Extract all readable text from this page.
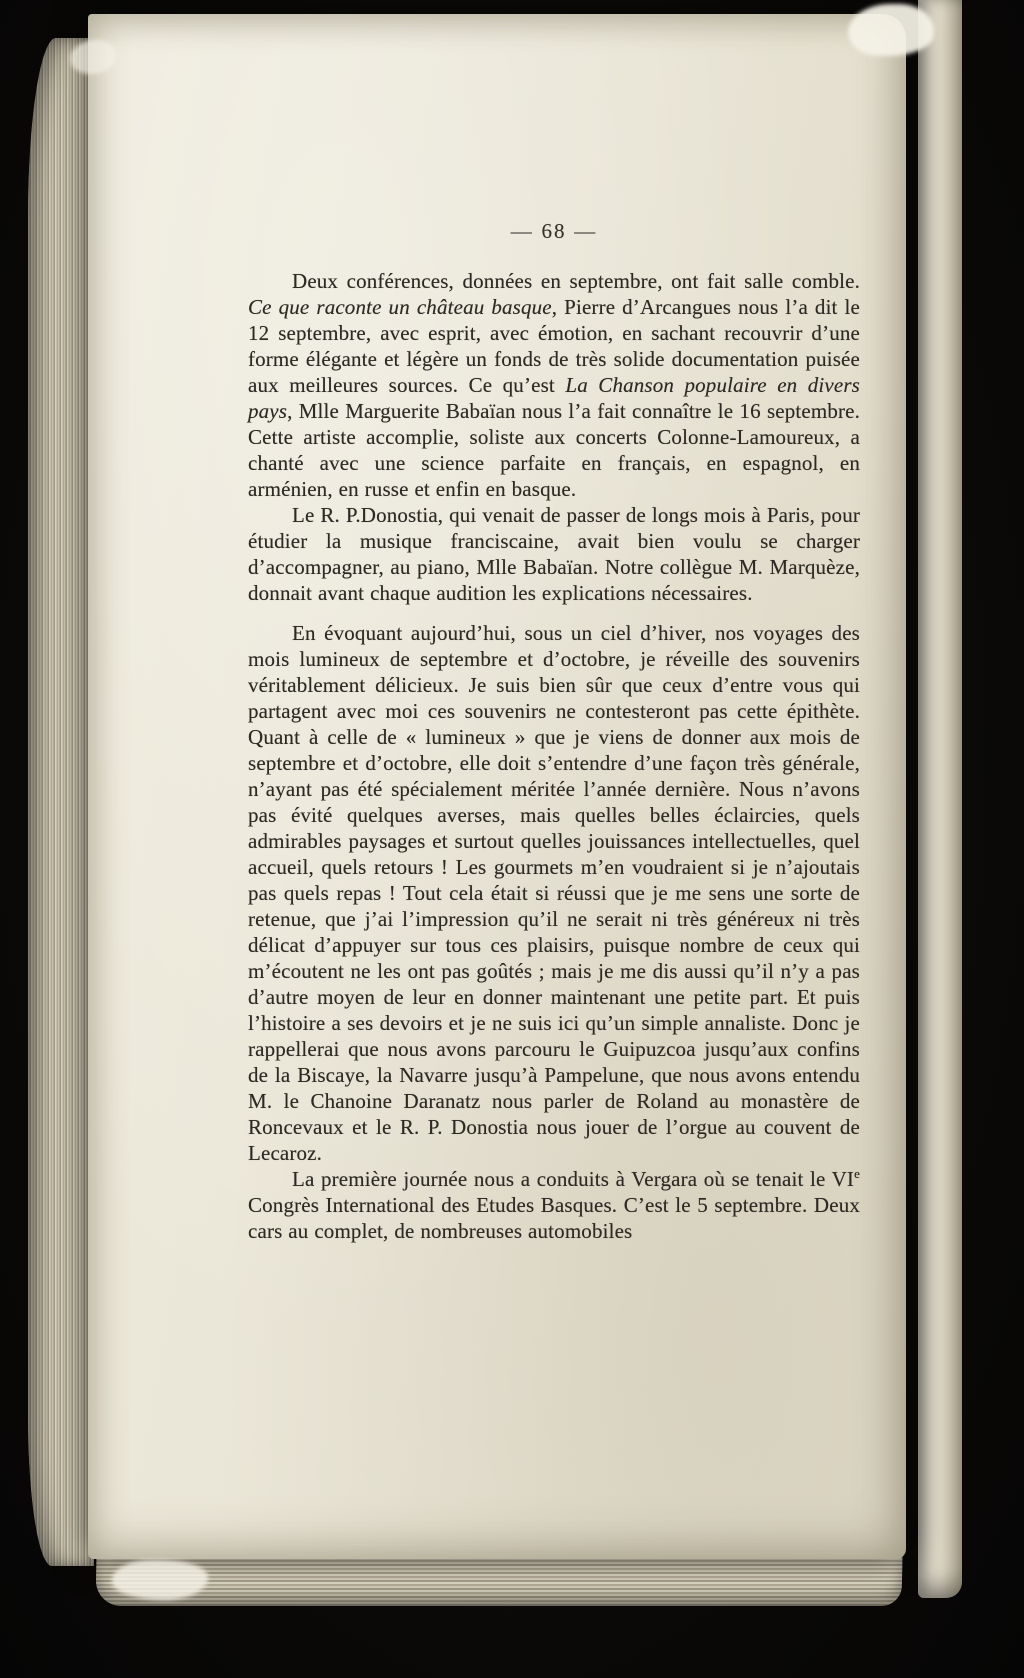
— 68 —

Deux conférences, données en septembre, ont fait salle comble. Ce que raconte un château basque, Pierre d’Arcangues nous l’a dit le 12 septembre, avec esprit, avec émotion, en sachant recouvrir d’une forme élégante et légère un fonds de très solide documentation puisée aux meilleures sources. Ce qu’est La Chanson populaire en divers pays, Mlle Marguerite Babaïan nous l’a fait connaître le 16 septembre. Cette artiste accomplie, soliste aux concerts Colonne-Lamoureux, a chanté avec une science parfaite en français, en espagnol, en arménien, en russe et enfin en basque.

Le R. P.Donostia, qui venait de passer de longs mois à Paris, pour étudier la musique franciscaine, avait bien voulu se charger d’accompagner, au piano, Mlle Babaïan. Notre collègue M. Marquèze, donnait avant chaque audition les explications nécessaires.

En évoquant aujourd’hui, sous un ciel d’hiver, nos voyages des mois lumineux de septembre et d’octobre, je réveille des souvenirs véritablement délicieux. Je suis bien sûr que ceux d’entre vous qui partagent avec moi ces souvenirs ne contesteront pas cette épithète. Quant à celle de « lumineux » que je viens de donner aux mois de septembre et d’octobre, elle doit s’entendre d’une façon très générale, n’ayant pas été spécialement méritée l’année dernière. Nous n’avons pas évité quelques averses, mais quelles belles éclaircies, quels admirables paysages et surtout quelles jouissances intellectuelles, quel accueil, quels retours ! Les gourmets m’en voudraient si je n’ajoutais pas quels repas ! Tout cela était si réussi que je me sens une sorte de retenue, que j’ai l’impression qu’il ne serait ni très généreux ni très délicat d’appuyer sur tous ces plaisirs, puisque nombre de ceux qui m’écoutent ne les ont pas goûtés ; mais je me dis aussi qu’il n’y a pas d’autre moyen de leur en donner maintenant une petite part. Et puis l’histoire a ses devoirs et je ne suis ici qu’un simple annaliste. Donc je rappellerai que nous avons parcouru le Guipuzcoa jusqu’aux confins de la Biscaye, la Navarre jusqu’à Pampelune, que nous avons entendu M. le Chanoine Daranatz nous parler de Roland au monastère de Roncevaux et le R. P. Donostia nous jouer de l’orgue au couvent de Lecaroz.

La première journée nous a conduits à Vergara où se tenait le VIe Congrès International des Etudes Basques. C’est le 5 septembre. Deux cars au complet, de nombreuses automobiles
